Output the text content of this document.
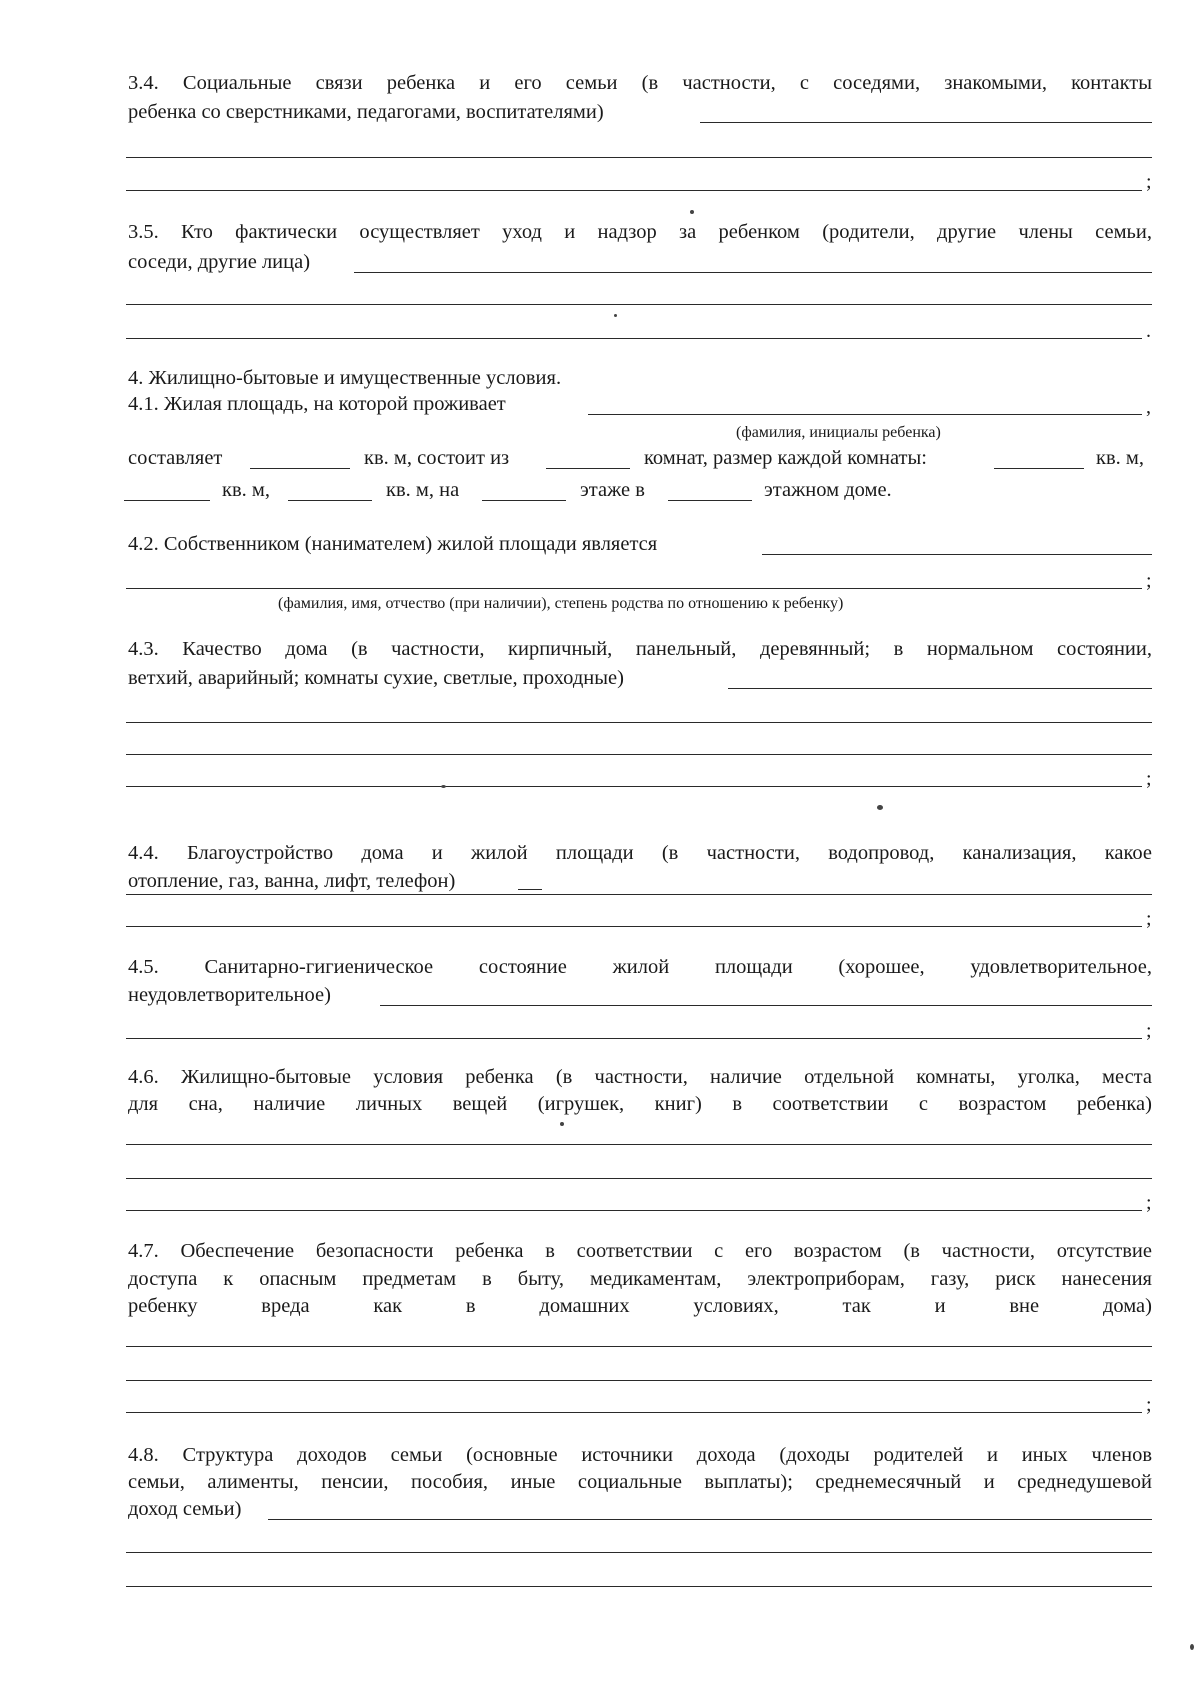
3.4. Социальные связи ребенка и его семьи (в частности, с соседями, знакомыми, контакты
ребенка со сверстниками, педагогами, воспитателями)
;
3.5. Кто фактически осуществляет уход и надзор за ребенком (родители, другие члены семьи,
соседи, другие лица)
.
4. Жилищно-бытовые и имущественные условия.
4.1. Жилая площадь, на которой проживает	,
(фамилия, инициалы ребенка)
составляет	кв. м, состоит из	комнат, размер каждой комнаты:	кв. м,
кв. м,	кв. м, на	этаже в	этажном доме.
4.2. Собственником (нанимателем) жилой площади является
;
(фамилия, имя, отчество (при наличии), степень родства по отношению к ребенку)
4.3. Качество дома (в частности, кирпичный, панельный, деревянный; в нормальном состоянии,
ветхий, аварийный; комнаты сухие, светлые, проходные)
;
4.4. Благоустройство дома и жилой площади (в частности, водопровод, канализация, какое
отопление, газ, ванна, лифт, телефон)
;
4.5. Санитарно-гигиеническое состояние жилой площади (хорошее, удовлетворительное,
неудовлетворительное)
;
4.6. Жилищно-бытовые условия ребенка (в частности, наличие отдельной комнаты, уголка, места
для сна, наличие личных вещей (игрушек, книг) в соответствии с возрастом ребенка)
;
4.7. Обеспечение безопасности ребенка в соответствии с его возрастом (в частности, отсутствие
доступа к опасным предметам в быту, медикаментам, электроприборам, газу, риск нанесения
ребенку вреда как в домашних условиях, так и вне дома)
;
4.8. Структура доходов семьи (основные источники дохода (доходы родителей и иных членов
семьи, алименты, пенсии, пособия, иные социальные выплаты); среднемесячный и среднедушевой
доход семьи)
